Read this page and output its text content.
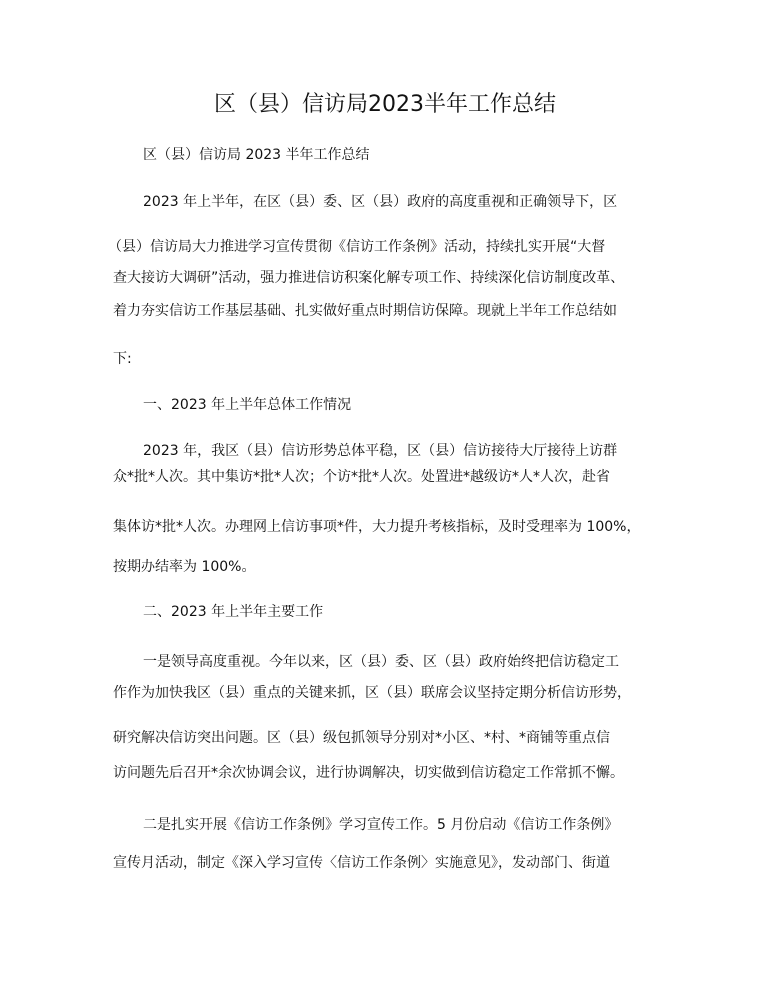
区（县）信访局2023半年工作总结

区（县）信访局 2023 半年工作总结

2023 年上半年，在区（县）委、区（县）政府的高度重视和正确领导下，区

（县）信访局大力推进学习宣传贯彻《信访工作条例》活动，持续扎实开展“大督

查大接访大调研”活动，强力推进信访积案化解专项工作、持续深化信访制度改革、

着力夯实信访工作基层基础、扎实做好重点时期信访保障。现就上半年工作总结如

下:

一、2023 年上半年总体工作情况

2023 年，我区（县）信访形势总体平稳，区（县）信访接待大厅接待上访群

众*批*人次。其中集访*批*人次；个访*批*人次。处置进*越级访*人*人次，赴省

集体访*批*人次。办理网上信访事项*件，大力提升考核指标，及时受理率为 100%，

按期办结率为 100%。

二、2023 年上半年主要工作

一是领导高度重视。今年以来，区（县）委、区（县）政府始终把信访稳定工

作作为加快我区（县）重点的关键来抓，区（县）联席会议坚持定期分析信访形势，

研究解决信访突出问题。区（县）级包抓领导分别对*小区、*村、*商铺等重点信

访问题先后召开*余次协调会议，进行协调解决，切实做到信访稳定工作常抓不懈。

二是扎实开展《信访工作条例》学习宣传工作。5 月份启动《信访工作条例》

宣传月活动，制定《深入学习宣传〈信访工作条例〉实施意见》，发动部门、街道
